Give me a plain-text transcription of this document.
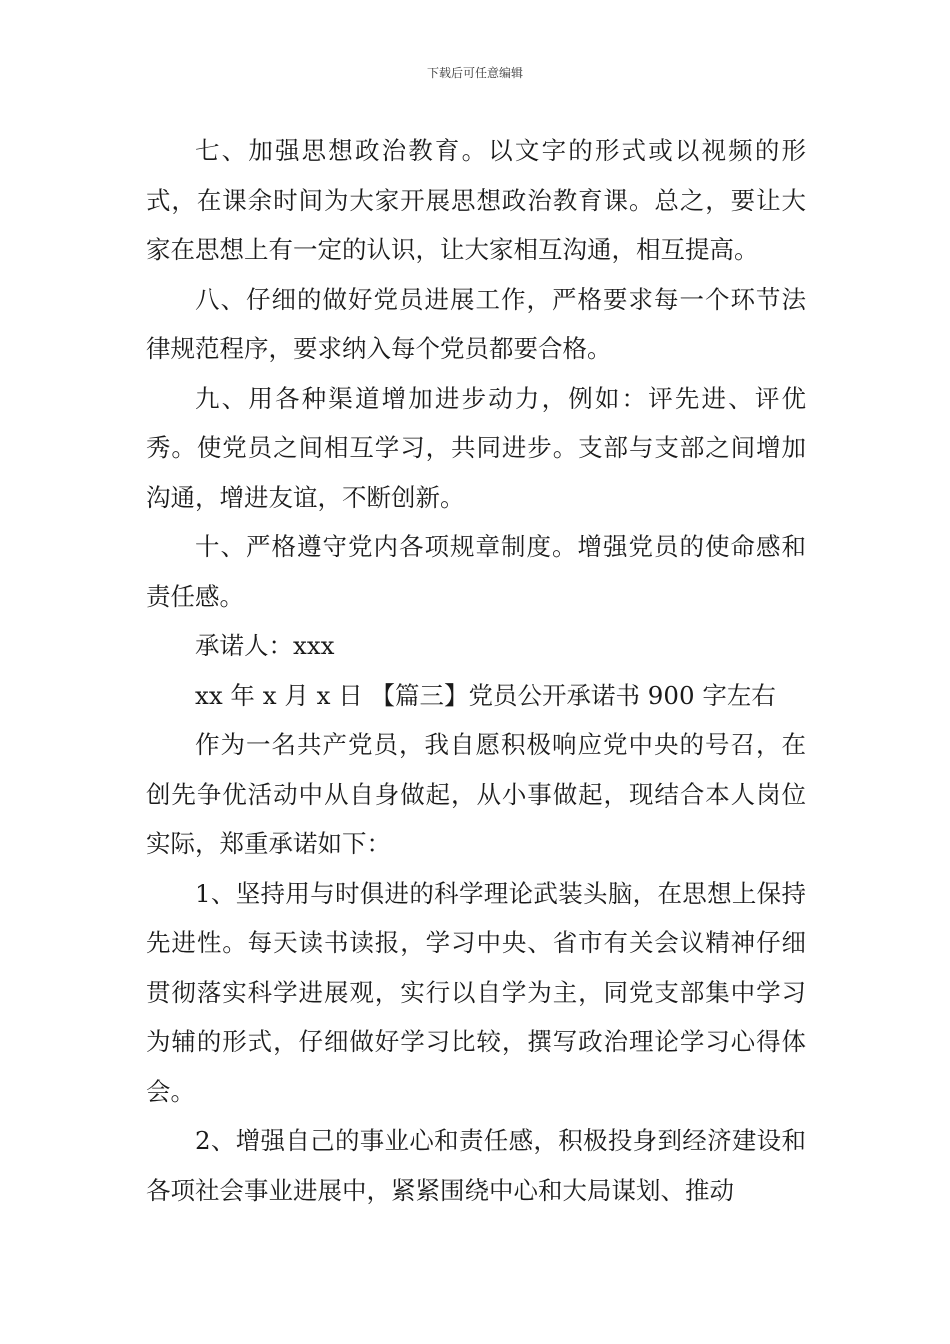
下载后可任意编辑

七、加强思想政治教育。以文字的形式或以视频的形式，在课余时间为大家开展思想政治教育课。总之，要让大家在思想上有一定的认识，让大家相互沟通，相互提高。

八、仔细的做好党员进展工作，严格要求每一个环节法律规范程序，要求纳入每个党员都要合格。

九、用各种渠道增加进步动力，例如：评先进、评优秀。使党员之间相互学习，共同进步。支部与支部之间增加沟通，增进友谊，不断创新。

十、严格遵守党内各项规章制度。增强党员的使命感和责任感。

承诺人：xxx

xx 年 x 月 x 日 【篇三】党员公开承诺书 900 字左右

作为一名共产党员，我自愿积极响应党中央的号召，在创先争优活动中从自身做起，从小事做起，现结合本人岗位实际，郑重承诺如下：

1、坚持用与时俱进的科学理论武装头脑，在思想上保持先进性。每天读书读报，学习中央、省市有关会议精神仔细贯彻落实科学进展观，实行以自学为主，同党支部集中学习为辅的形式，仔细做好学习比较，撰写政治理论学习心得体会。

2、增强自己的事业心和责任感，积极投身到经济建设和各项社会事业进展中，紧紧围绕中心和大局谋划、推动
